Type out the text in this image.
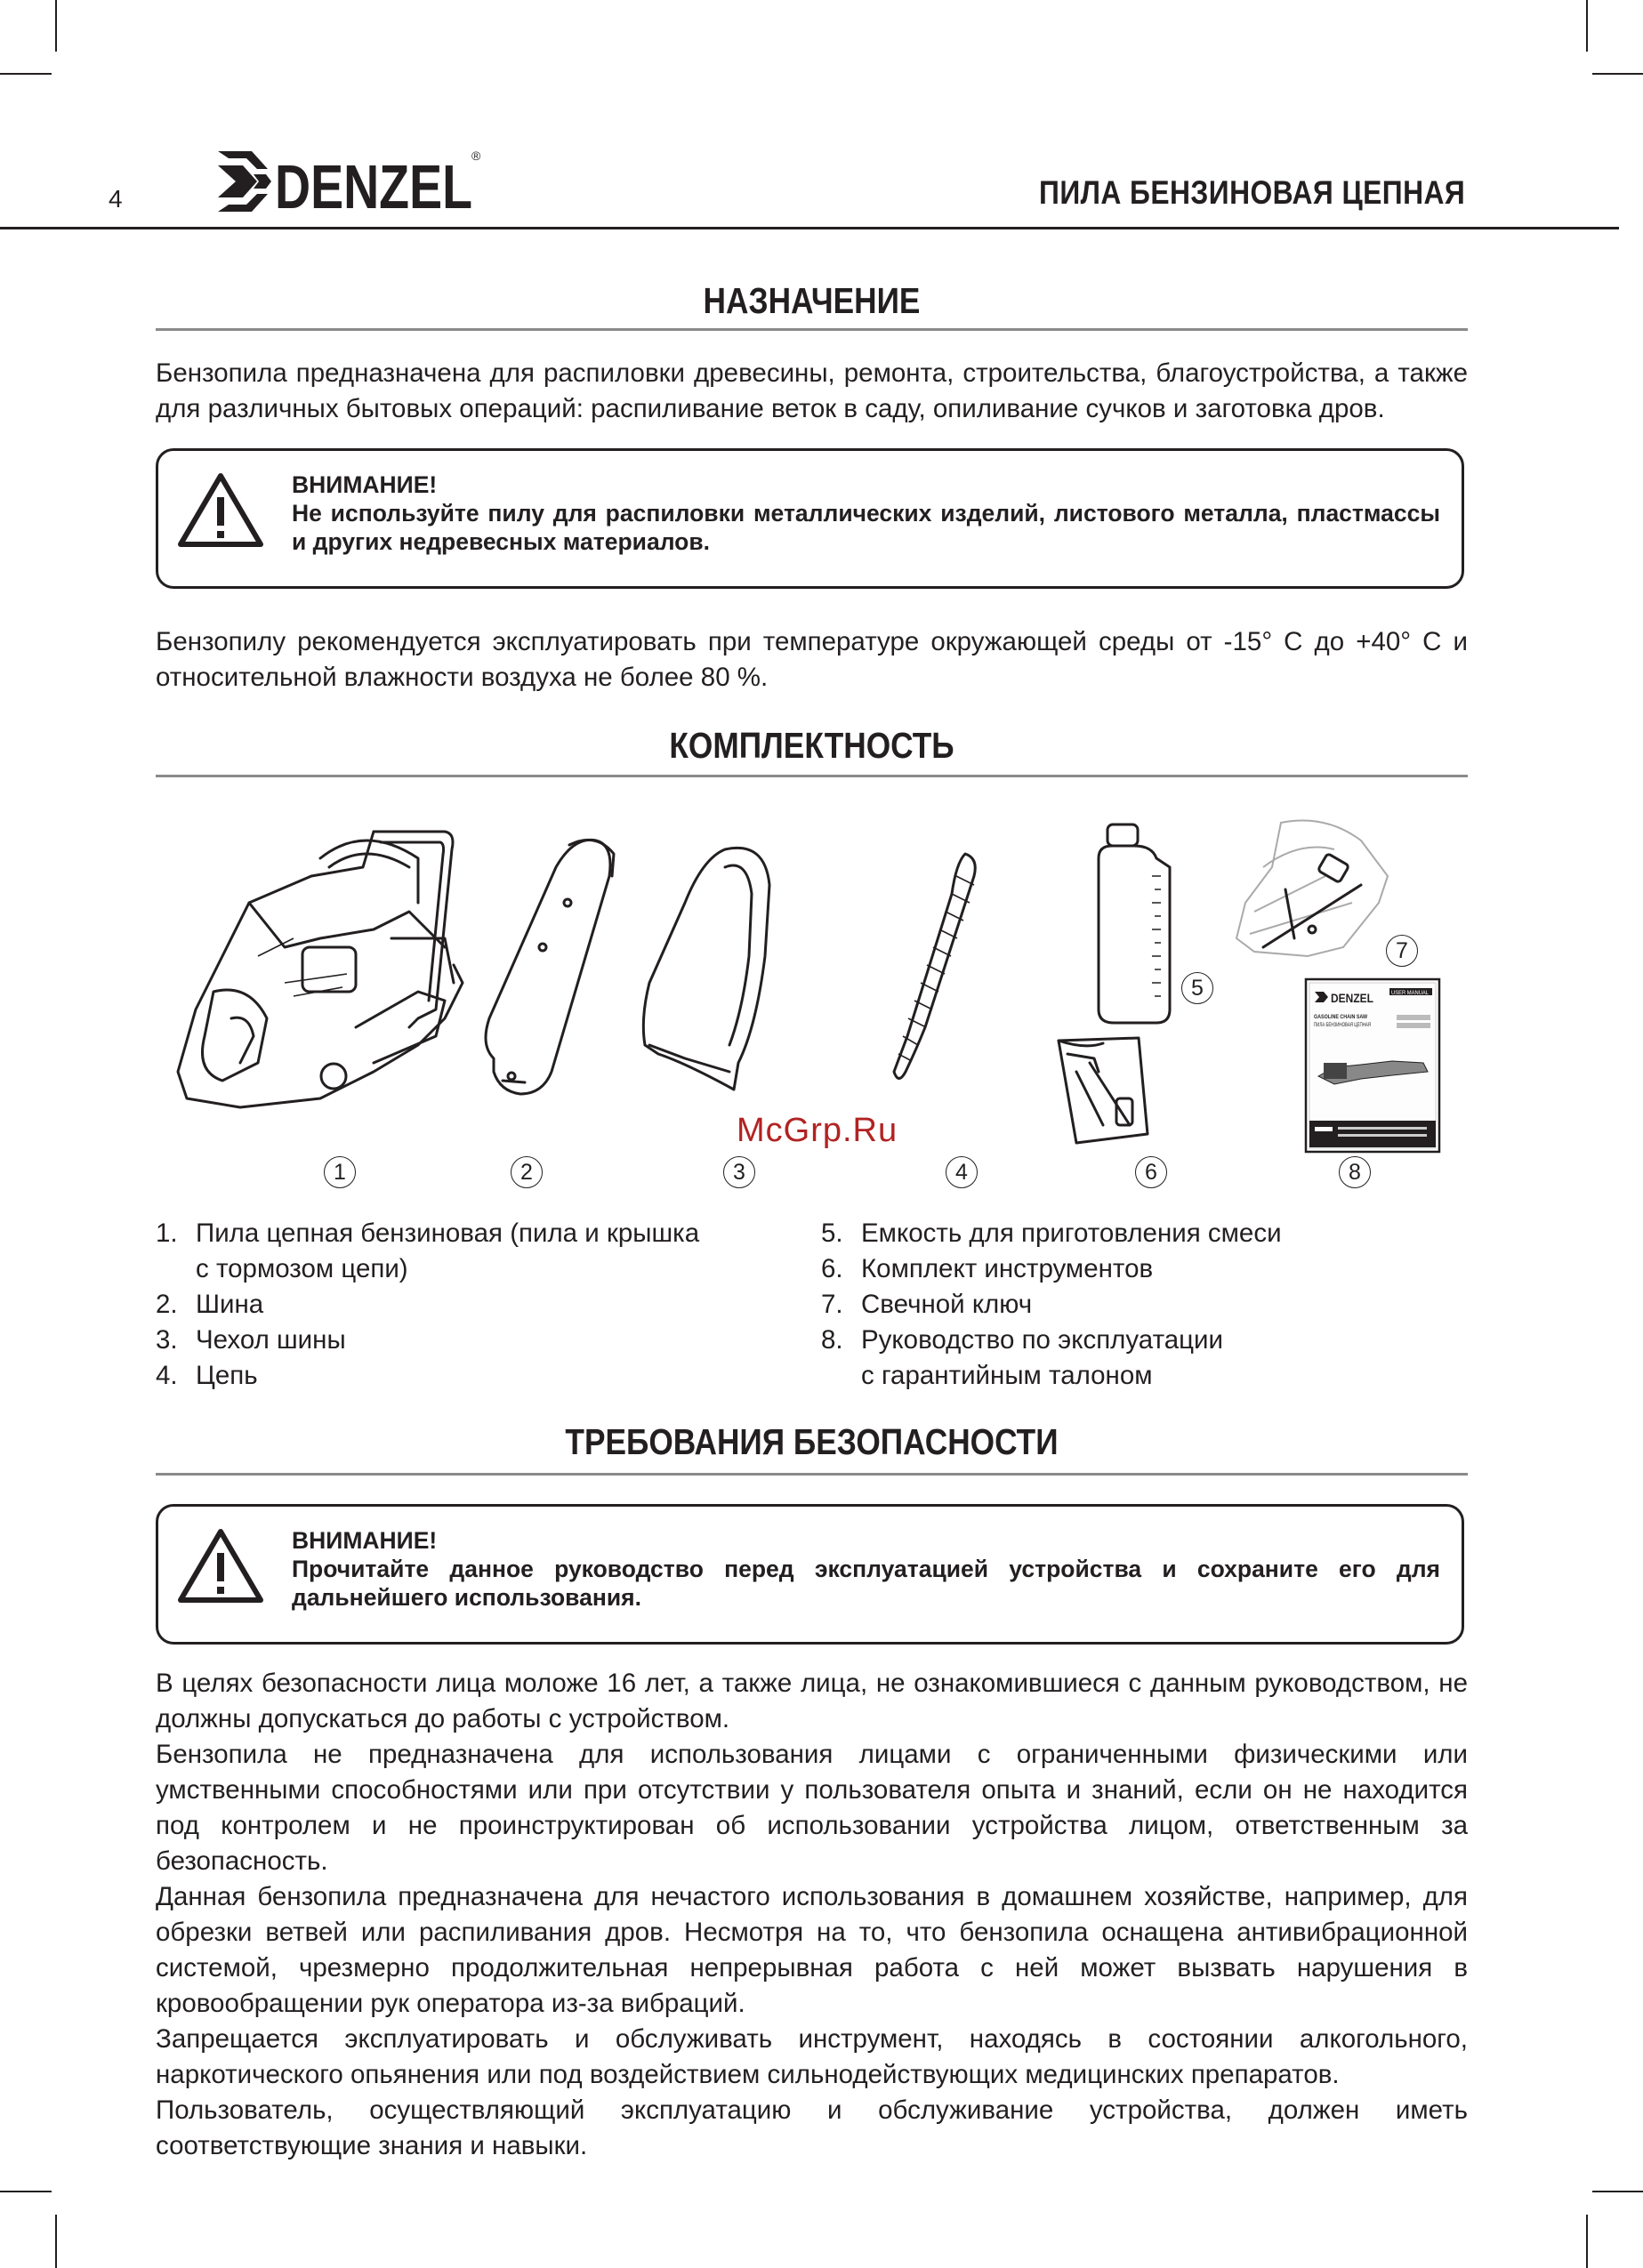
4 DENZEL ®
ПИЛА БЕНЗИНОВАЯ ЦЕПНАЯ
НАЗНАЧЕНИЕ

Бензопила предназначена для распиловки древесины, ремонта, строительства, благоустройства, а также для различных бытовых операций: распиливание веток в саду, опиливание сучков и заготовка дров.

ВНИМАНИЕ!
Не используйте пилу для распиловки металлических изделий, листового металла, пластмассы и других недревесных материалов.

Бензопилу рекомендуется эксплуатировать при температуре окружающей среды от -15° С до +40° С и относительной влажности воздуха не более 80 %.

КОМПЛЕКТНОСТЬ
DENZEL	USER MANUAL
GASOLINE CHAIN SAW
ПИЛА БЕНЗИНОВАЯ ЦЕПНАЯ
McGrp.Ru
1	2	3	4
5
6
7
8
1. Пила цепная бензиновая (пила и крышка
с тормозом цепи)
2. Шина
3. Чехол шины
4. Цепь
5. Емкость для приготовления смеси
6. Комплект инструментов
7. Свечной ключ
8. Руководство по эксплуатации
с гарантийным талоном
ТРЕБОВАНИЯ БЕЗОПАСНОСТИ
ВНИМАНИЕ!
Прочитайте данное руководство перед эксплуатацией устройства и сохраните его для дальнейшего использования.

В целях безопасности лица моложе 16 лет, а также лица, не ознакомившиеся с данным руководством, не должны допускаться до работы с устройством.

Бензопила не предназначена для использования лицами с ограниченными физическими или умственными способностями или при отсутствии у пользователя опыта и знаний, если он не находится под контролем и не проинструктирован об использовании устройства лицом, ответственным за безопасность.

Данная бензопила предназначена для нечастого использования в домашнем хозяйстве, например, для обрезки ветвей или распиливания дров. Несмотря на то, что бензопила оснащена антивибрационной системой, чрезмерно продолжительная непрерывная работа с ней может вызвать нарушения в кровообращении рук оператора из-за вибраций.

Запрещается эксплуатировать и обслуживать инструмент, находясь в состоянии алкогольного, наркотического опьянения или под воздействием сильнодействующих медицинских препаратов.

Пользователь, осуществляющий эксплуатацию и обслуживание устройства, должен иметь соответствующие знания и навыки.
